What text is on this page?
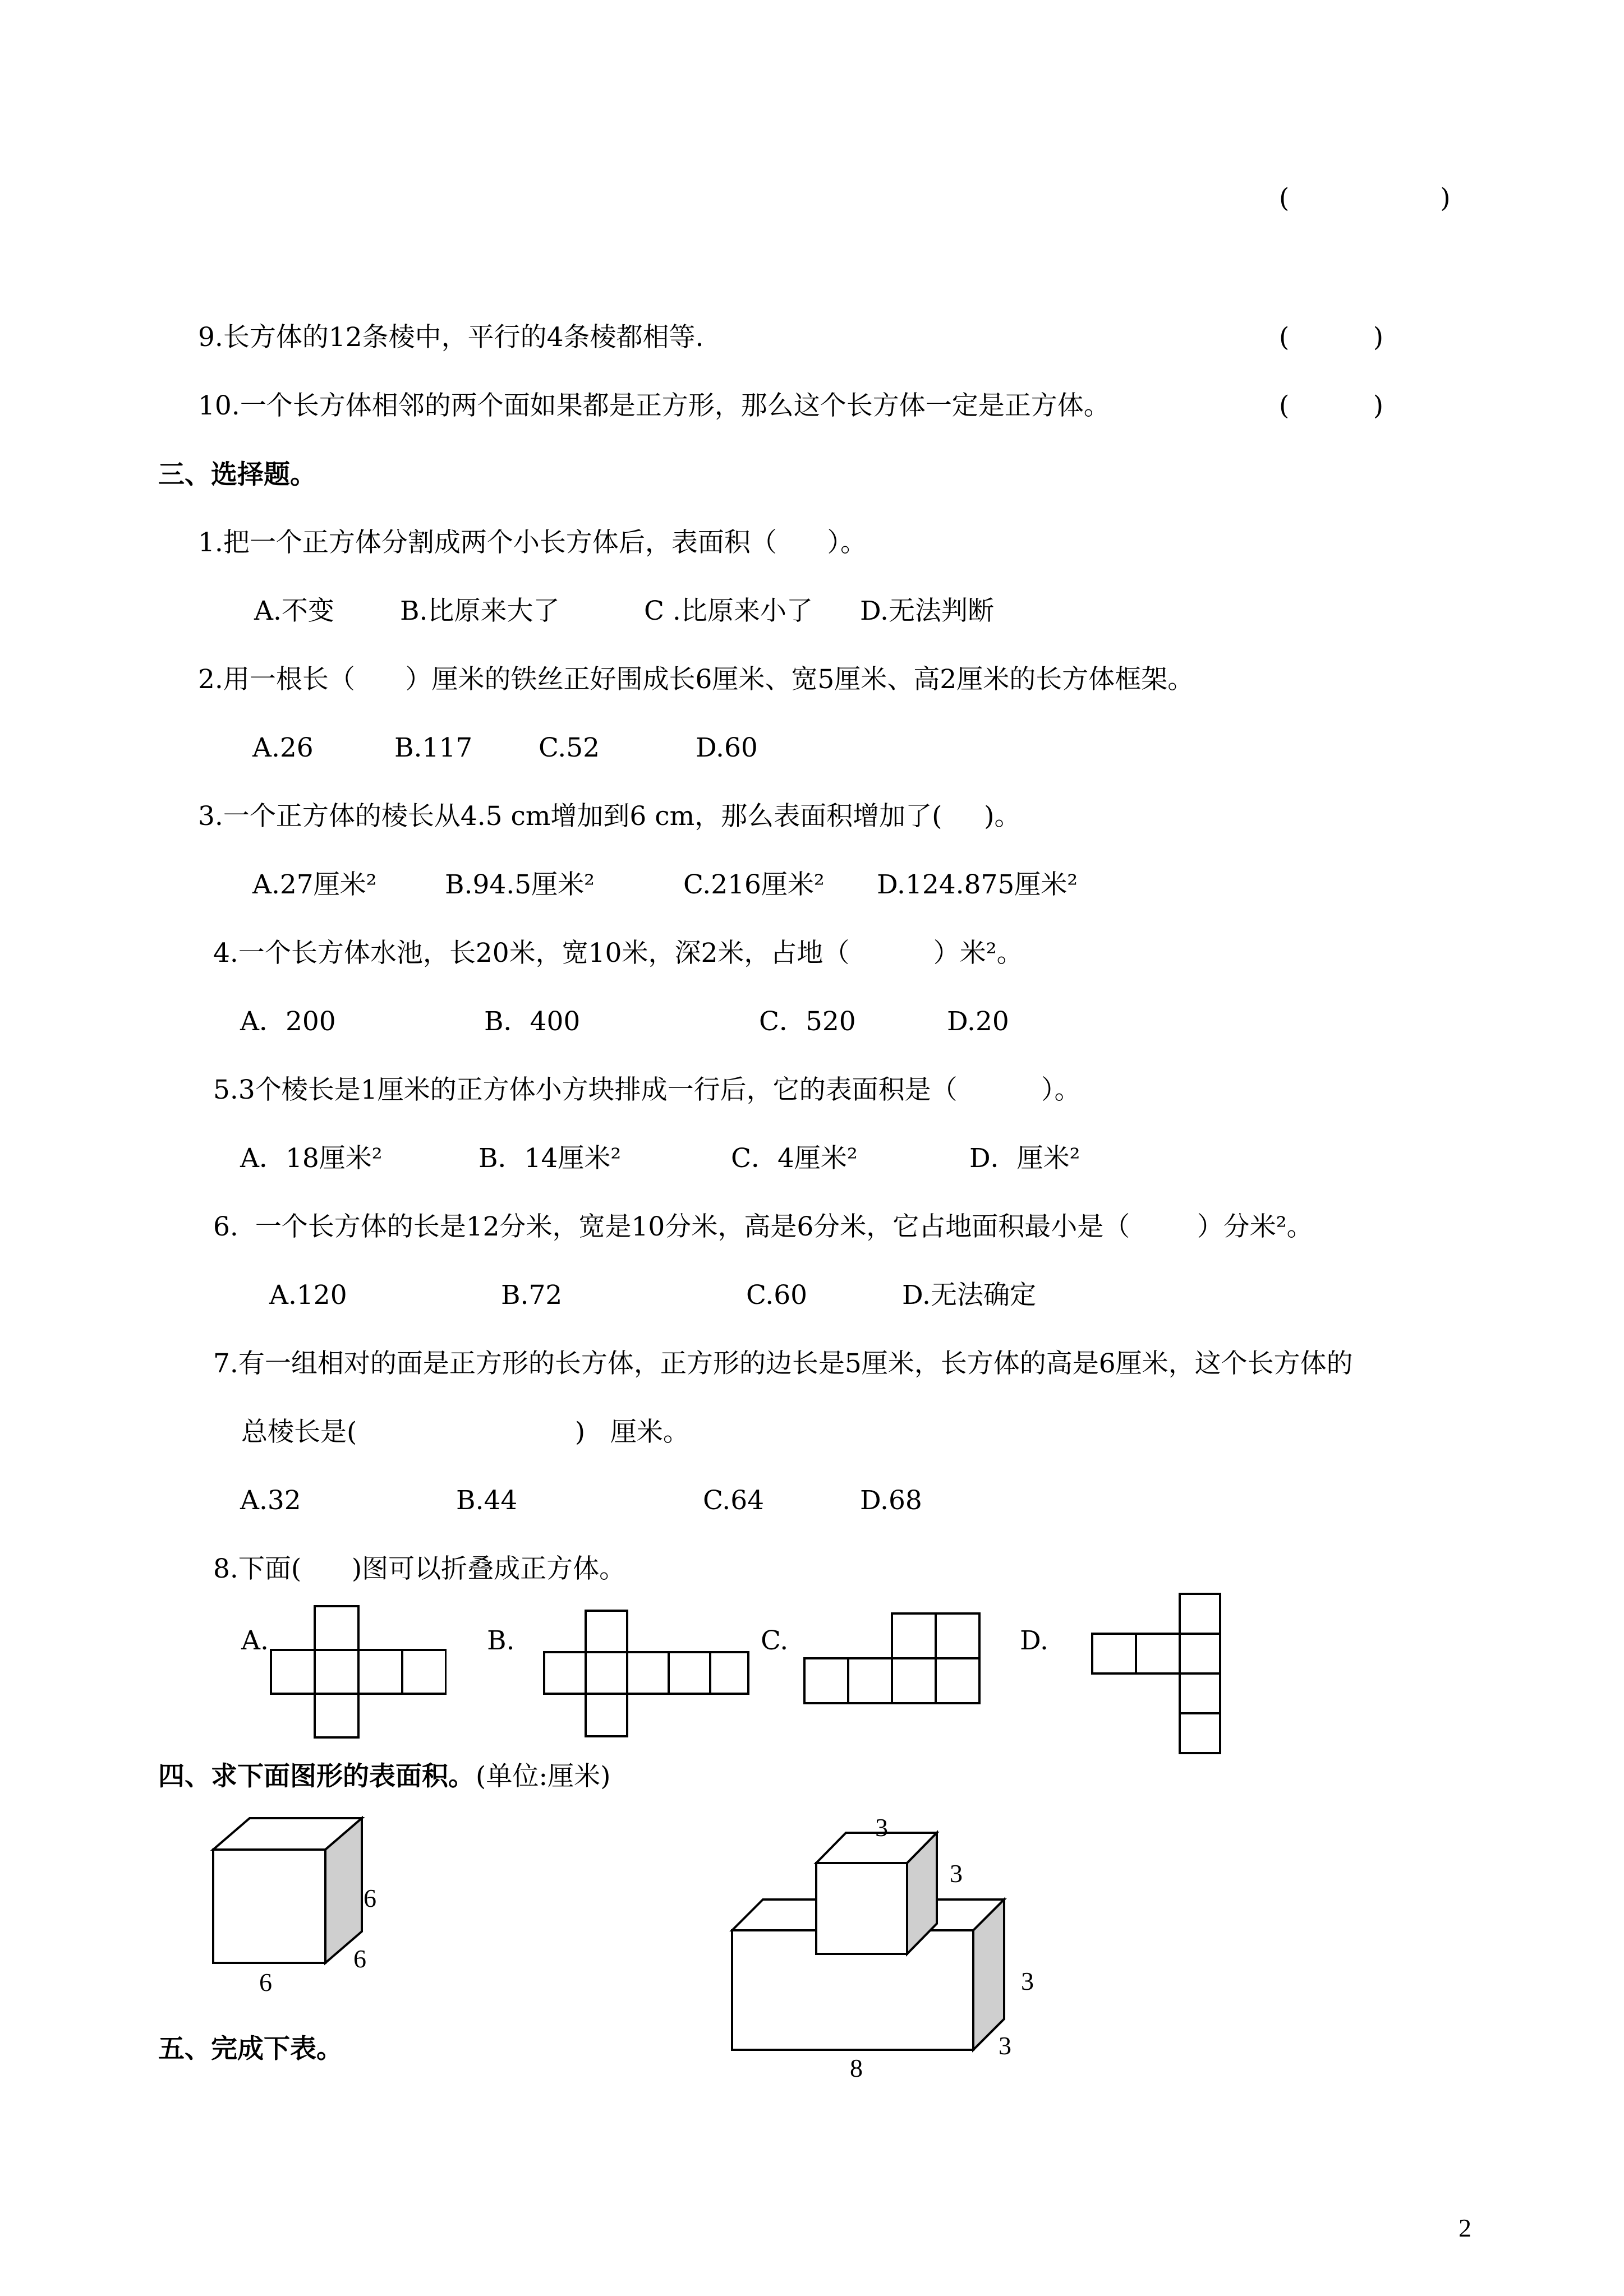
(                  )
9.长方体的12条棱中，平行的4条棱都相等.	(          )
10.一个长方体相邻的两个面如果都是正方形，那么这个长方体一定是正方体。	(          )
三、选择题。
1.把一个正方体分割成两个小长方体后，表面积（      ）。
A.不变 B.比原来大了	C .比原来小了 D.无法判断
2.用一根长（      ）厘米的铁丝正好围成长6厘米、宽5厘米、高2厘米的长方体框架。
A.26	B.117	C.52	D.60
3.一个正方体的棱长从4.5 cm增加到6 cm，那么表面积增加了(     )。
A.27厘米²	B.94.5厘米²	C.216厘米² D.124.875厘米²
4.一个长方体水池，长20米，宽10米，深2米，占地（          ）米²。
A．200	B．400	C．520	D.20
5.3个棱长是1厘米的正方体小方块排成一行后，它的表面积是（          ）。
A．18厘米²	B．14厘米²	C．4厘米²	D．厘米²
6.  一个长方体的长是12分米，宽是10分米，高是6分米，它占地面积最小是（        ）分米²。
A.120	B.72	C.60	D.无法确定
7.有一组相对的面是正方形的长方体，正方形的边长是5厘米，长方体的高是6厘米，这个长方体的
总棱长是(                          )   厘米。
A.32	B.44	C.64	D.68
8.下面(      )图可以折叠成正方体。
A.	B.	C.	D.
四、求下面图形的表面积。 (单位:厘米)
6
6
6
3
3
3
3
8
五、完成下表。
2
